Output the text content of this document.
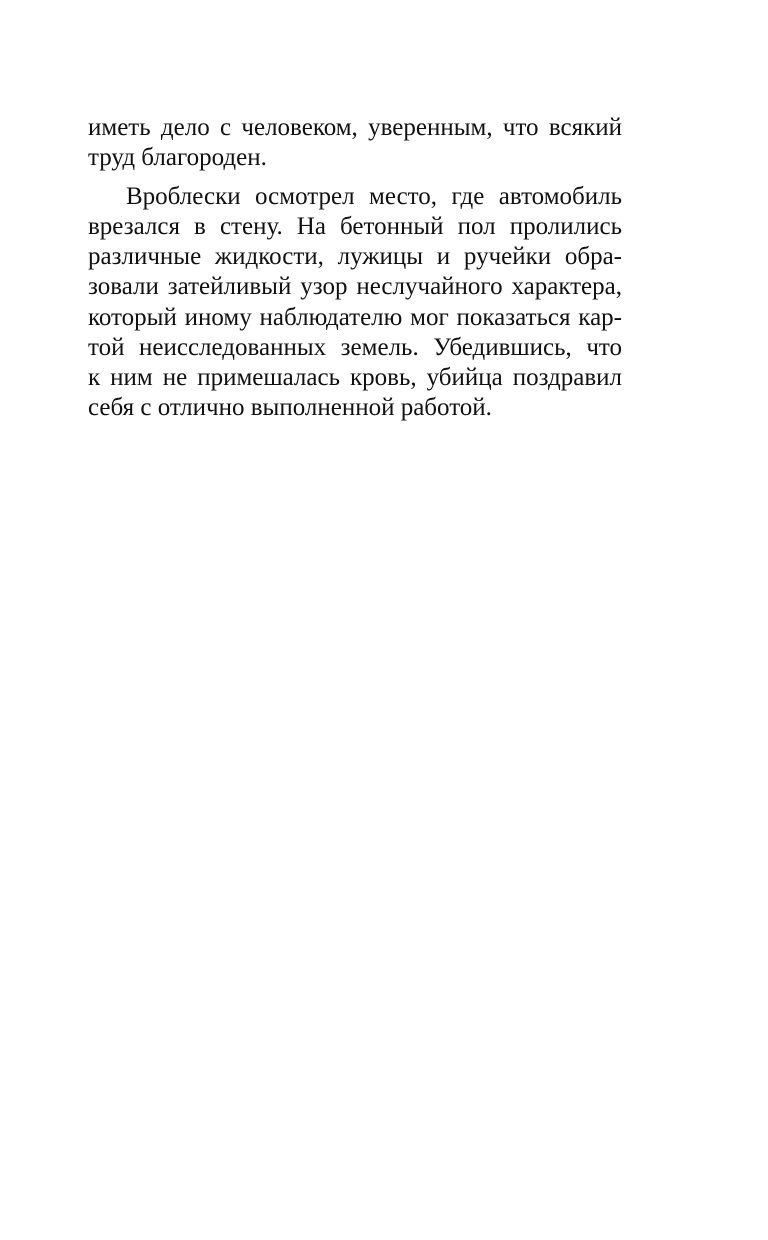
иметь дело с человеком, уверенным, что всякий
труд благороден.
Вроблески осмотрел место, где автомобиль
врезался в стену. На бетонный пол пролились
различные жидкости, лужицы и ручейки обра-
зовали затейливый узор неслучайного характера,
который иному наблюдателю мог показаться кар-
той неисследованных земель. Убедившись, что
к ним не примешалась кровь, убийца поздравил
себя с отлично выполненной работой.
